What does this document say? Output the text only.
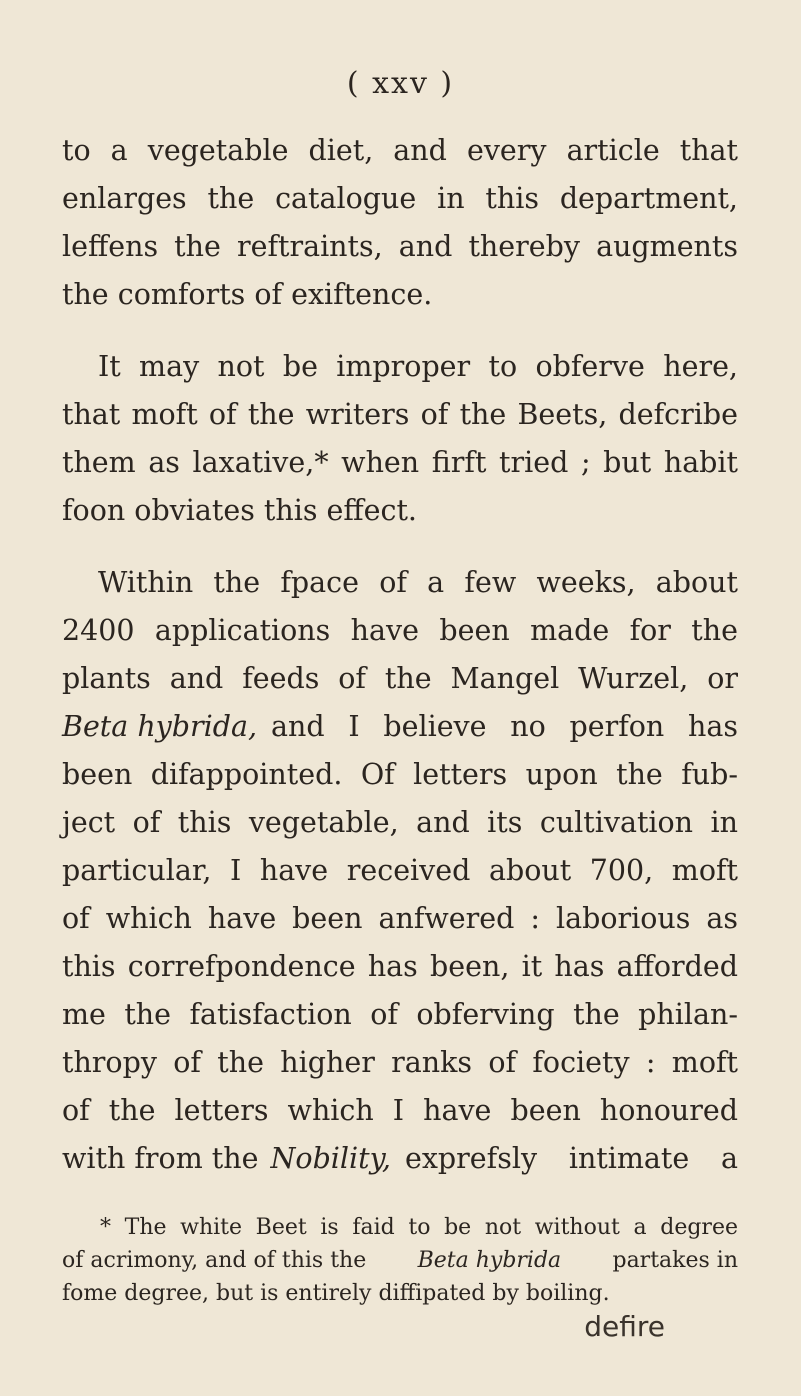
( xxv )
to a vegetable diet, and every article that
enlarges the catalogue in this department,
leffens the reftraints, and thereby augments
the comforts of exiftence.
It may not be improper to obferve here,
that moft of the writers of the Beets, defcribe
them as laxative,* when firft tried ; but habit
foon obviates this effect.
Within the fpace of a few weeks, about
2400 applications have been made for the
plants and feeds of the Mangel Wurzel, or
Beta hybrida, and I believe no perfon has
been difappointed. Of letters upon the fub-
ject of this vegetable, and its cultivation in
particular, I have received about 700, moft
of which have been anfwered : laborious as
this correfpondence has been, it has afforded
me the fatisfaction of obferving the philan-
thropy of the higher ranks of fociety : moft
of the letters which I have been honoured
with from the Nobility, exprefsly intimate a
* The white Beet is faid to be not without a degree
of acrimony, and of this the Beta hybrida partakes in
fome degree, but is entirely diffipated by boiling.
defire
